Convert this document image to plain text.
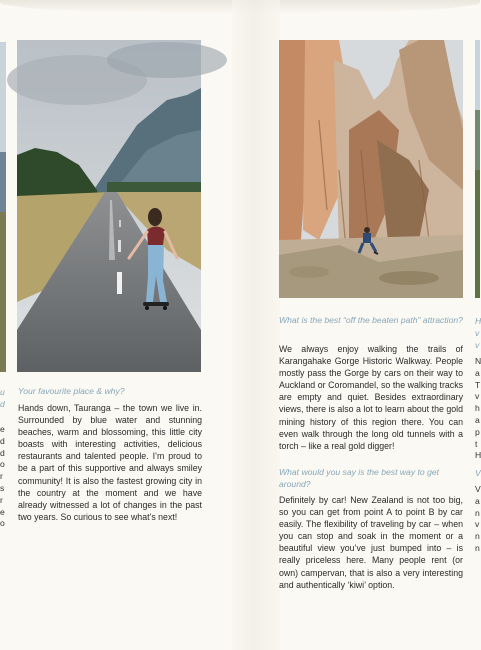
u
d
e
d
d
o
r
s
r
e
o

Your favourite place & why?

Hands down, Tauranga – the town we live in. Surrounded by blue water and stunning beaches, warm and blossoming, this little city boasts with interesting activities, delicious restaurants and talented people. I’m proud to be a part of this supportive and always smiley community! It is also the fastest growing city in the country at the moment and we have already witnessed a lot of changes in the past two years. So curious to see what’s next!

What is the best “off the beaten path” attraction?

We always enjoy walking the trails of Karangahake Gorge Historic Walkway. People mostly pass the Gorge by cars on their way to Auckland or Coromandel, so the walking tracks are empty and quiet. Besides extraordinary views, there is also a lot to learn about the gold mining history of this region there. You can even walk through the long old tunnels with a torch – like a real gold digger!

What would you say is the best way to get around?

Definitely by car! New Zealand is not too big, so you can get from point A to point B by car easily. The flexibility of traveling by car – when you can stop and soak in the moment or a beautiful view you’ve just bumped into – is really priceless here. Many people rent (or own) campervan, that is also a very interesting and authentically ‘kiwi’ option.

H
v
v
N
a
T
v
h
a
p
t
H
V
V
a
n
v
n
n
